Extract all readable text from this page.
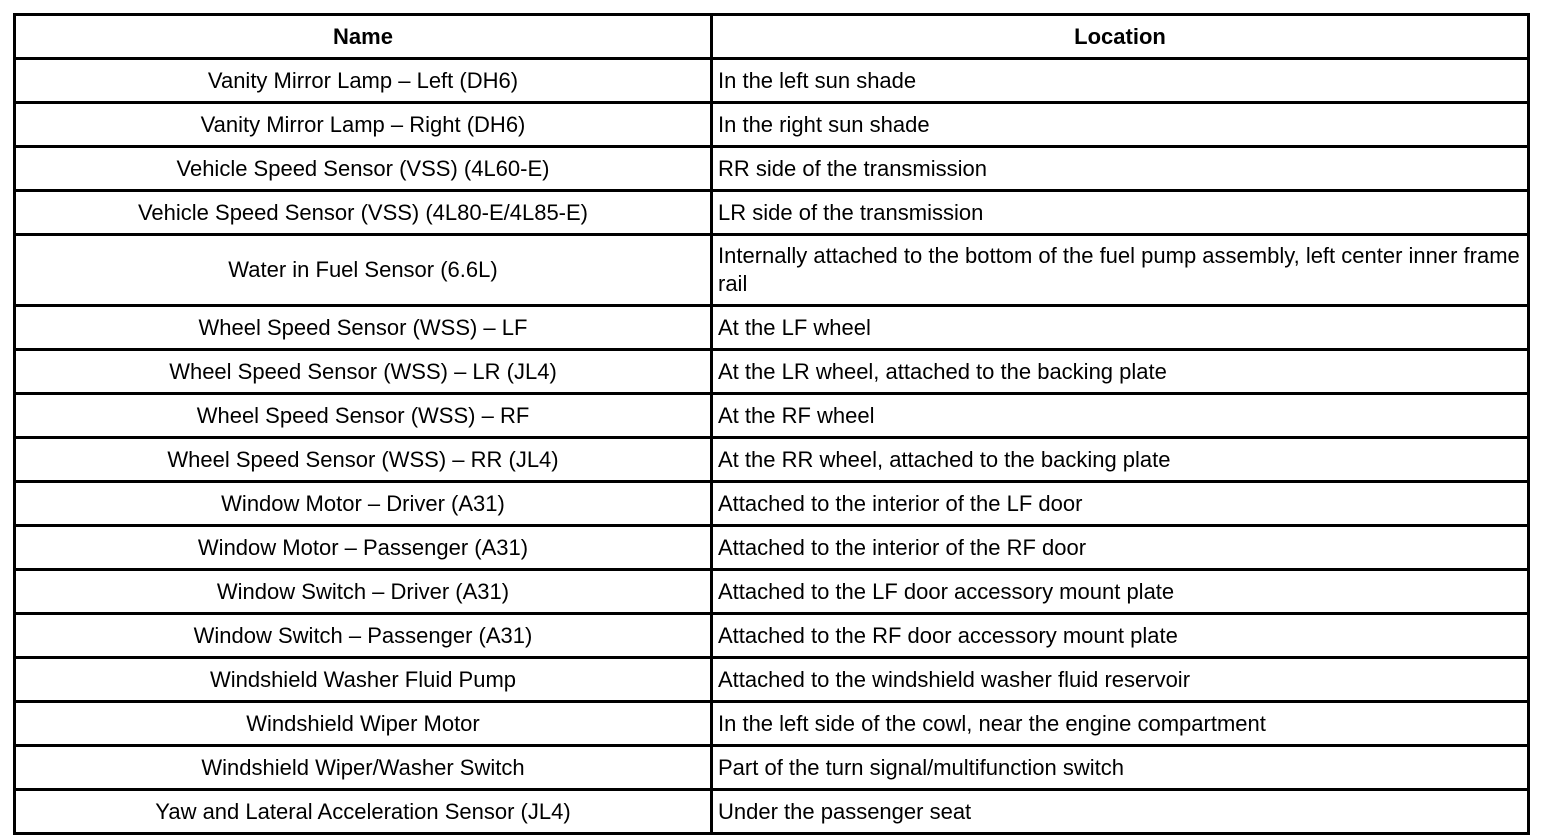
Name	Location
Vanity Mirror Lamp – Left (DH6)	In the left sun shade
Vanity Mirror Lamp – Right (DH6)	In the right sun shade
Vehicle Speed Sensor (VSS) (4L60-E)	RR side of the transmission
Vehicle Speed Sensor (VSS) (4L80-E/4L85-E)	LR side of the transmission
Water in Fuel Sensor (6.6L)	Internally attached to the bottom of the fuel pump assembly, left center inner frame rail
Wheel Speed Sensor (WSS) – LF	At the LF wheel
Wheel Speed Sensor (WSS) – LR (JL4)	At the LR wheel, attached to the backing plate
Wheel Speed Sensor (WSS) – RF	At the RF wheel
Wheel Speed Sensor (WSS) – RR (JL4)	At the RR wheel, attached to the backing plate
Window Motor – Driver (A31)	Attached to the interior of the LF door
Window Motor – Passenger (A31)	Attached to the interior of the RF door
Window Switch – Driver (A31)	Attached to the LF door accessory mount plate
Window Switch – Passenger (A31)	Attached to the RF door accessory mount plate
Windshield Washer Fluid Pump	Attached to the windshield washer fluid reservoir
Windshield Wiper Motor	In the left side of the cowl, near the engine compartment
Windshield Wiper/Washer Switch	Part of the turn signal/multifunction switch
Yaw and Lateral Acceleration Sensor (JL4)	Under the passenger seat
